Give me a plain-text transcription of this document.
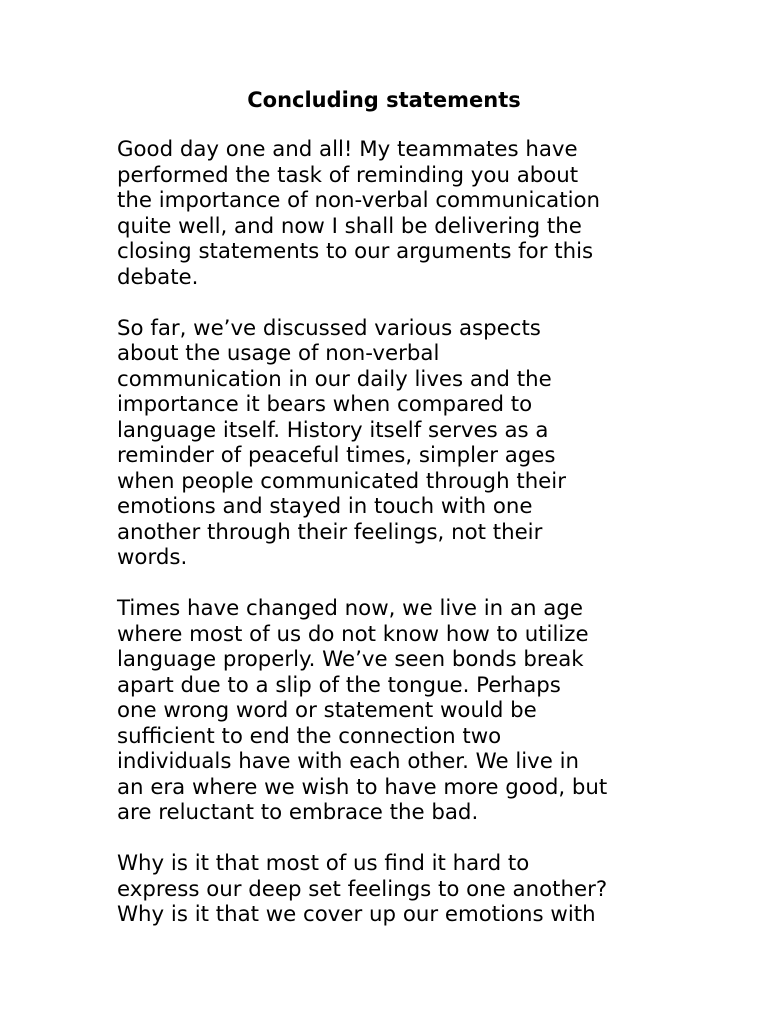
Concluding statements
Good day one and all! My teammates have
performed the task of reminding you about
the importance of non-verbal communication
quite well, and now I shall be delivering the
closing statements to our arguments for this
debate.
So far, we’ve discussed various aspects
about the usage of non-verbal
communication in our daily lives and the
importance it bears when compared to
language itself. History itself serves as a
reminder of peaceful times, simpler ages
when people communicated through their
emotions and stayed in touch with one
another through their feelings, not their
words.
Times have changed now, we live in an age
where most of us do not know how to utilize
language properly. We’ve seen bonds break
apart due to a slip of the tongue. Perhaps
one wrong word or statement would be
sufficient to end the connection two
individuals have with each other. We live in
an era where we wish to have more good, but
are reluctant to embrace the bad.
Why is it that most of us find it hard to
express our deep set feelings to one another?
Why is it that we cover up our emotions with
